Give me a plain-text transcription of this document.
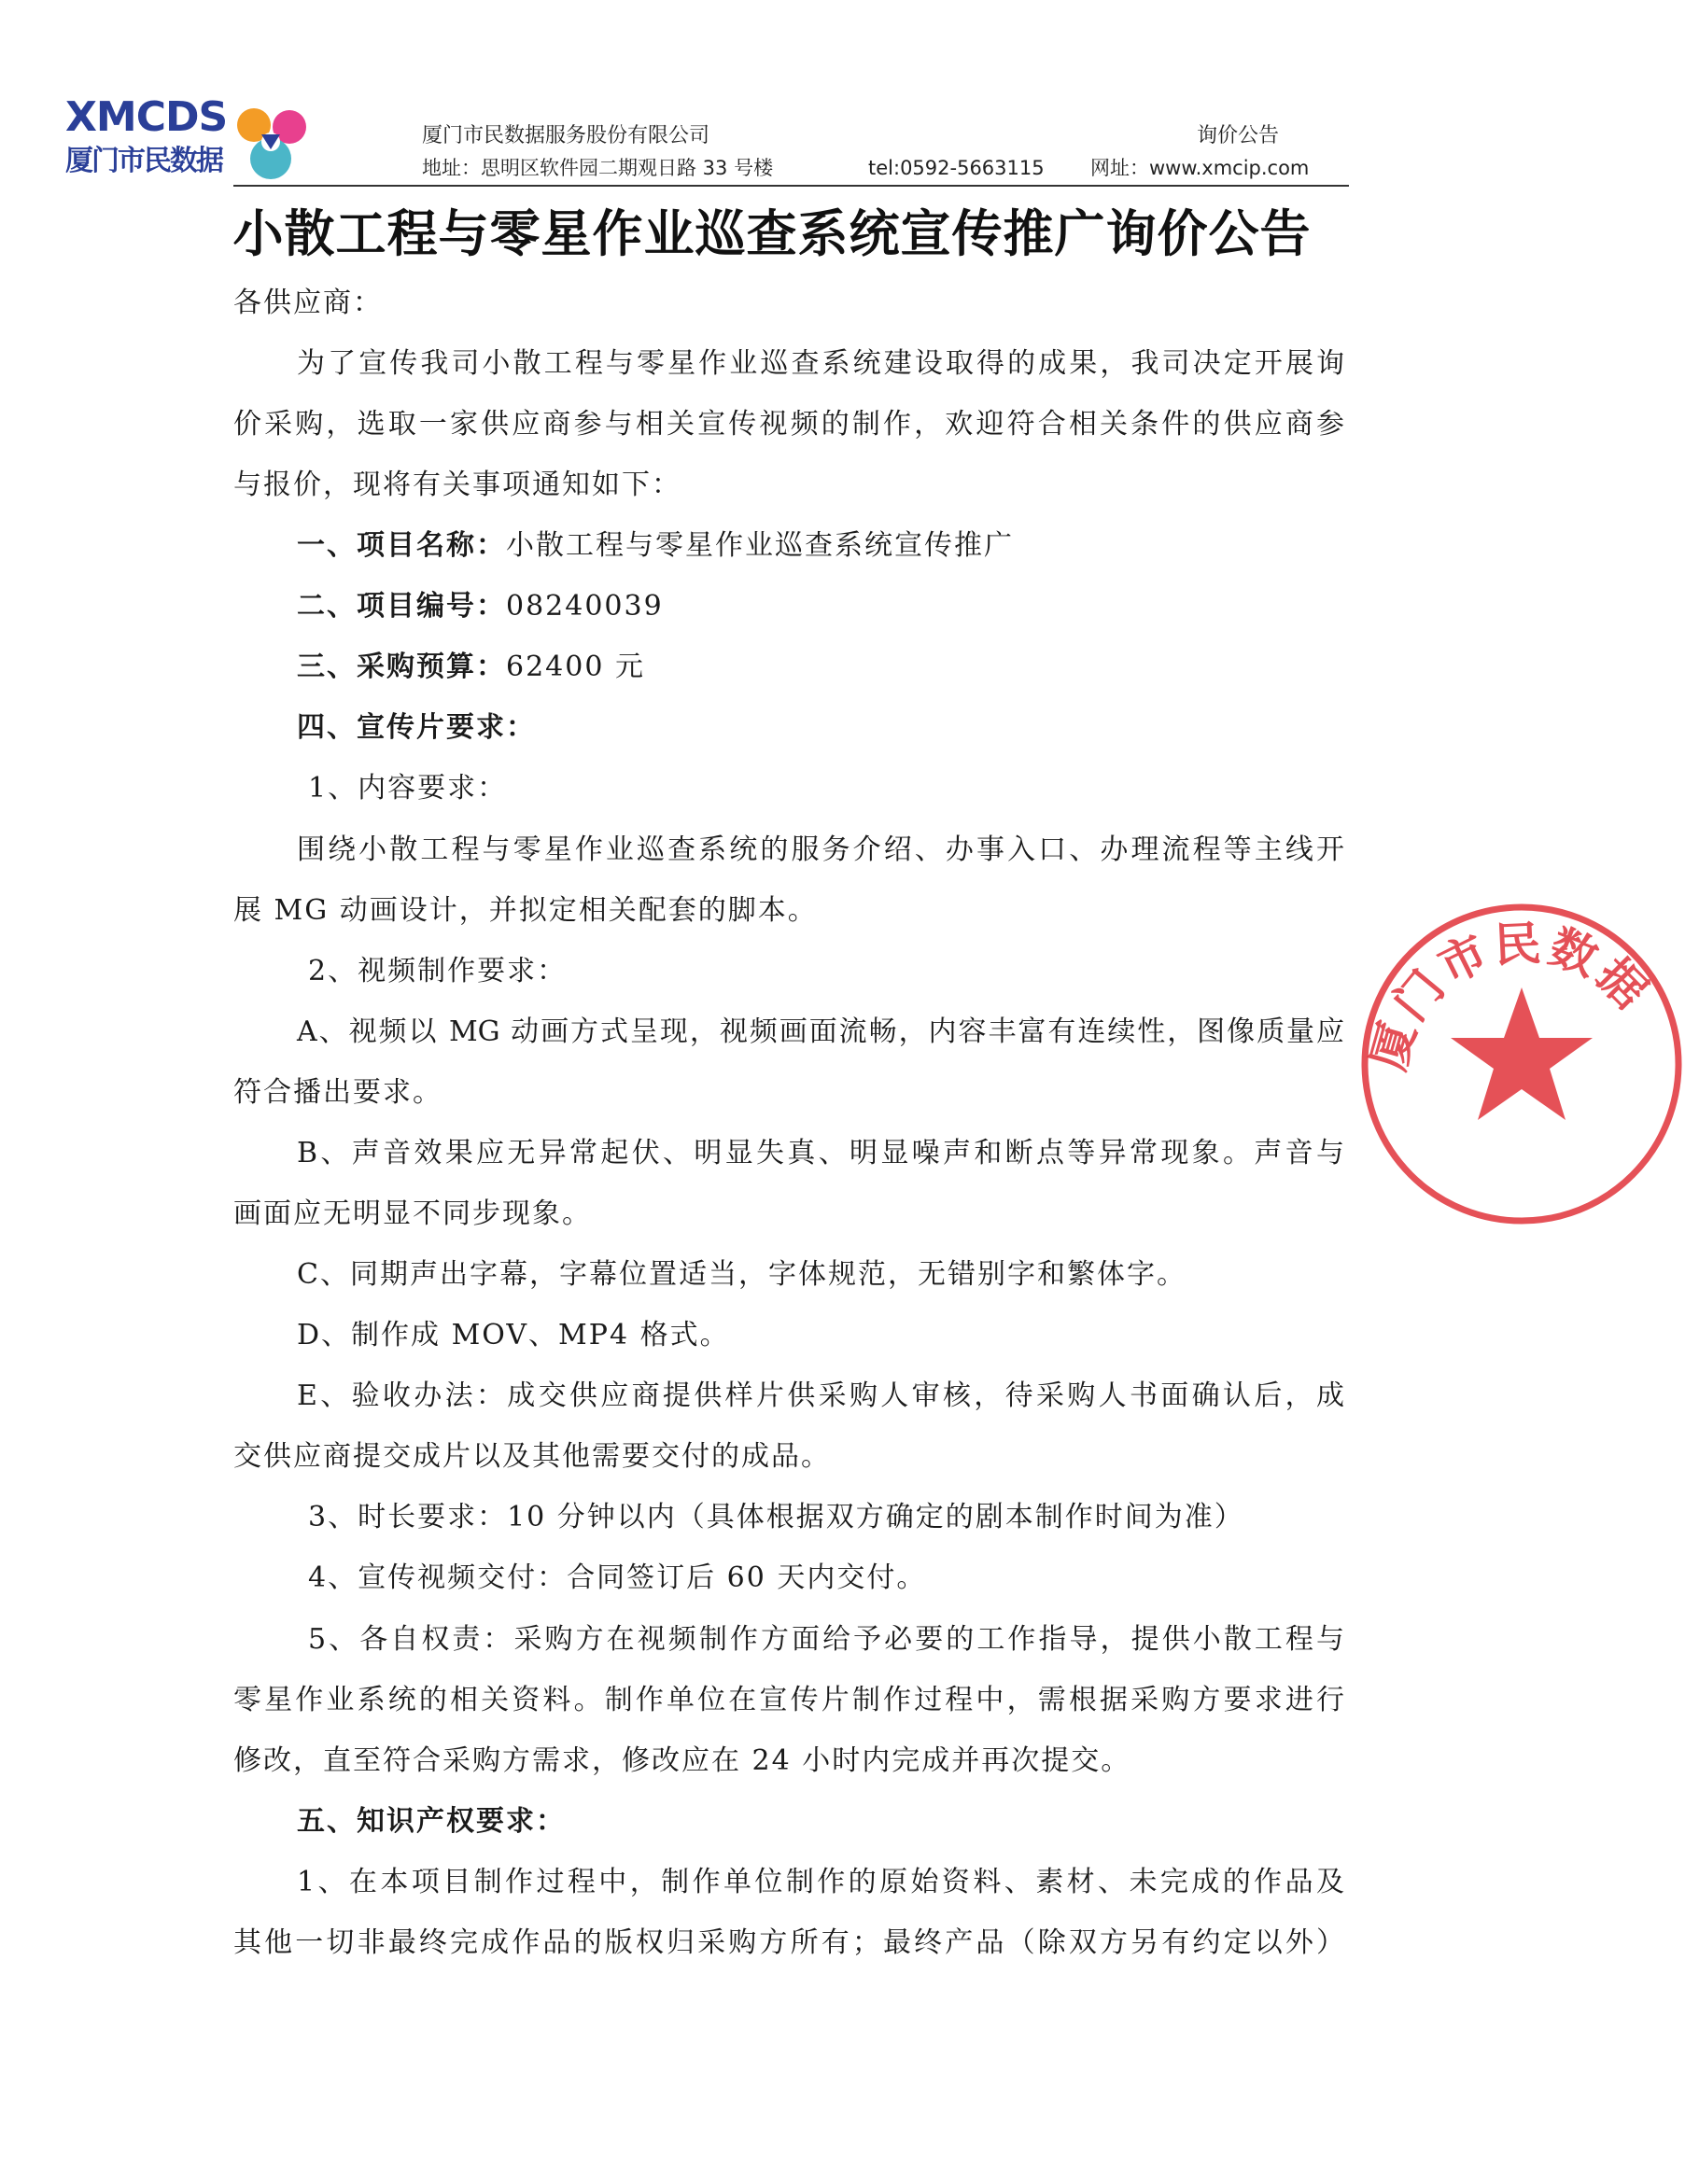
XMCDS
厦门市民数据
厦门市民数据服务股份有限公司	询价公告
地址：思明区软件园二期观日路 33 号楼	tel:0592-5663115 网址：www.xmcip.com
小散工程与零星作业巡查系统宣传推广询价公告
各供应商：
为了宣传我司小散工程与零星作业巡查系统建设取得的成果，我司决定开展询
价采购，选取一家供应商参与相关宣传视频的制作，欢迎符合相关条件的供应商参
与报价，现将有关事项通知如下：
一、项目名称：小散工程与零星作业巡查系统宣传推广
二、项目编号：08240039
三、采购预算：62400 元
四、宣传片要求：
1、内容要求：
围绕小散工程与零星作业巡查系统的服务介绍、办事入口、办理流程等主线开
展 MG 动画设计，并拟定相关配套的脚本。
2、视频制作要求：
A、视频以 MG 动画方式呈现，视频画面流畅，内容丰富有连续性，图像质量应
符合播出要求。
B、声音效果应无异常起伏、明显失真、明显噪声和断点等异常现象。声音与
画面应无明显不同步现象。
C、同期声出字幕，字幕位置适当，字体规范，无错别字和繁体字。
D、制作成 MOV、MP4 格式。
E、验收办法：成交供应商提供样片供采购人审核，待采购人书面确认后，成
交供应商提交成片以及其他需要交付的成品。
3、时长要求：10 分钟以内（具体根据双方确定的剧本制作时间为准）
4、宣传视频交付：合同签订后 60 天内交付。
5、各自权责：采购方在视频制作方面给予必要的工作指导，提供小散工程与
零星作业系统的相关资料。制作单位在宣传片制作过程中，需根据采购方要求进行
修改，直至符合采购方需求，修改应在 24 小时内完成并再次提交。
五、知识产权要求：
1、在本项目制作过程中，制作单位制作的原始资料、素材、未完成的作品及
其他一切非最终完成作品的版权归采购方所有；最终产品（除双方另有约定以外）
厦门市民数据
